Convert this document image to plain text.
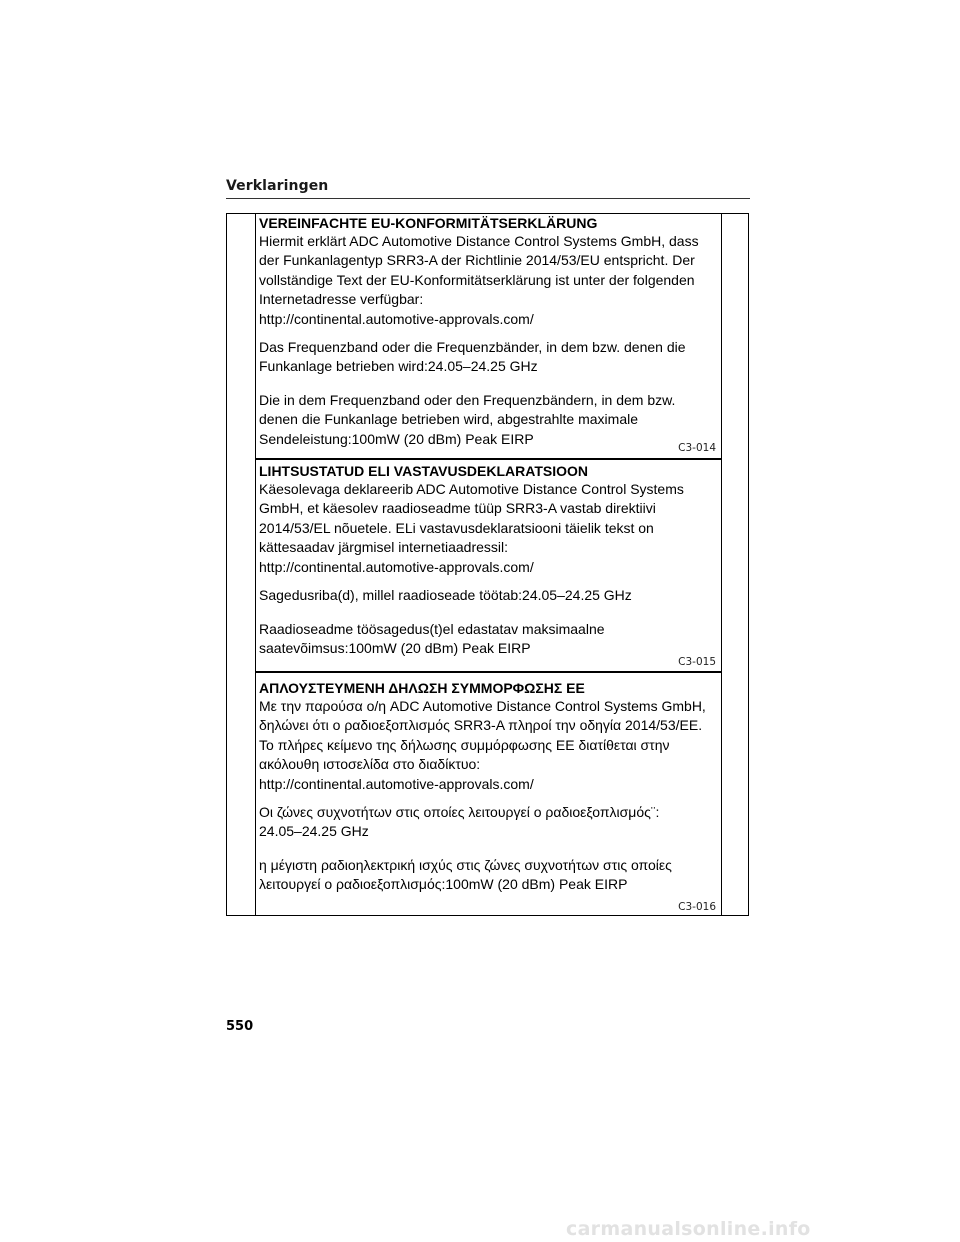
Verklaringen
VEREINFACHTE EU-KONFORMITÄTSERKLÄRUNG
Hiermit erklärt ADC Automotive Distance Control Systems GmbH, dass
der Funkanlagentyp SRR3-A der Richtlinie 2014/53/EU entspricht. Der
vollständige Text der EU-Konformitätserklärung ist unter der folgenden
Internetadresse verfügbar:
http://continental.automotive-approvals.com/
Das Frequenzband oder die Frequenzbänder, in dem bzw. denen die
Funkanlage betrieben wird:24.05–24.25 GHz
Die in dem Frequenzband oder den Frequenzbändern, in dem bzw.
denen die Funkanlage betrieben wird, abgestrahlte maximale
Sendeleistung:100mW (20 dBm) Peak EIRP
C3-014
LIHTSUSTATUD ELI VASTAVUSDEKLARATSIOON
Käesolevaga deklareerib ADC Automotive Distance Control Systems
GmbH, et käesolev raadioseadme tüüp SRR3-A vastab direktiivi
2014/53/EL nõuetele. ELi vastavusdeklaratsiooni täielik tekst on
kättesaadav järgmisel internetiaadressil:
http://continental.automotive-approvals.com/
Sagedusriba(d), millel raadioseade töötab:24.05–24.25 GHz
Raadioseadme töösagedus(t)el edastatav maksimaalne
saatevõimsus:100mW (20 dBm) Peak EIRP
C3-015
ΑΠΛΟΥΣΤΕΥΜΕΝΗ ΔΗΛΩΣΗ ΣΥΜΜΟΡΦΩΣΗΣ ΕΕ
Με την παρούσα ο/η ADC Automotive Distance Control Systems GmbH,
δηλώνει ότι ο ραδιοεξοπλισμός SRR3-A πληροί την οδηγία 2014/53/ΕΕ.
Το πλήρες κείμενο της δήλωσης συμμόρφωσης ΕΕ διατίθεται στην
ακόλουθη ιστοσελίδα στο διαδίκτυο:
http://continental.automotive-approvals.com/
Οι ζώνες συχνοτήτων στις οποίες λειτουργεί ο ραδιοεξοπλισμός¨:
24.05–24.25 GHz
η μέγιστη ραδιοηλεκτρική ισχύς στις ζώνες συχνοτήτων στις οποίες
λειτουργεί ο ραδιοεξοπλισμός:100mW (20 dBm) Peak EIRP
C3-016
550
carmanualsonline.info
